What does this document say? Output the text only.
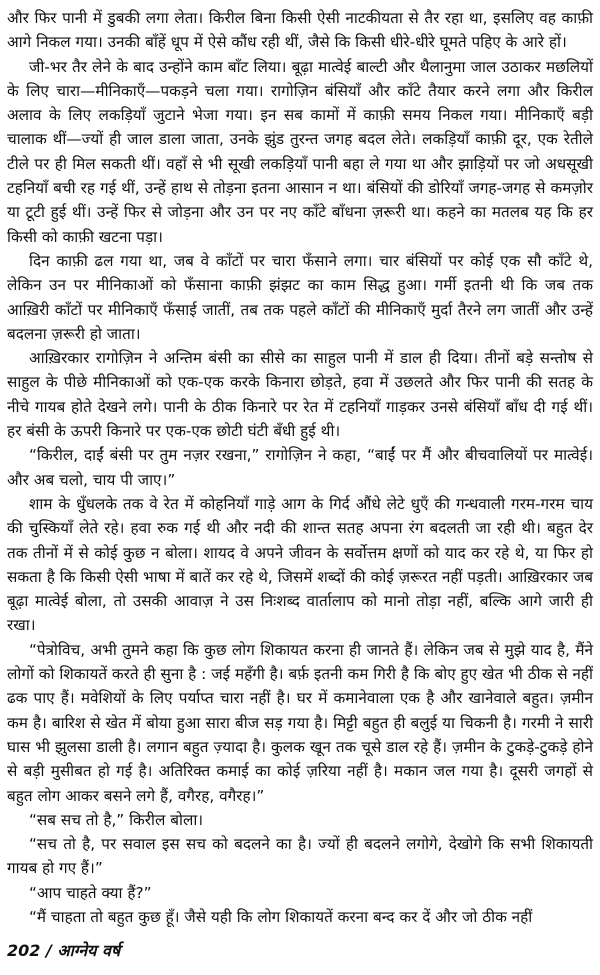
और फिर पानी में डुबकी लगा लेता। किरील बिना किसी ऐसी नाटकीयता से तैर रहा था, इसलिए वह काफ़ी आगे निकल गया। उनकी बाँहें धूप में ऐसे कौंध रही थीं, जैसे कि किसी धीरे-धीरे घूमते पहिए के आरे हों।

जी-भर तैर लेने के बाद उन्होंने काम बाँट लिया। बूढ़ा मात्वेई बाल्टी और थैलानुमा जाल उठाकर मछलियों के लिए चारा—मीनिकाएँ—पकड़ने चला गया। रागोज़िन बंसियाँ और काँटे तैयार करने लगा और किरील अलाव के लिए लकड़ियाँ जुटाने भेजा गया। इन सब कामों में काफ़ी समय निकल गया। मीनिकाएँ बड़ी चालाक थीं—ज्यों ही जाल डाला जाता, उनके झुंड तुरन्त जगह बदल लेते। लकड़ियाँ काफ़ी दूर, एक रेतीले टीले पर ही मिल सकती थीं। वहाँ से भी सूखी लकड़ियाँ पानी बहा ले गया था और झाड़ियों पर जो अधसूखी टहनियाँ बची रह गई थीं, उन्हें हाथ से तोड़ना इतना आसान न था। बंसियों की डोरियाँ जगह-जगह से कमज़ोर या टूटी हुई थीं। उन्हें फिर से जोड़ना और उन पर नए काँटे बाँधना ज़रूरी था। कहने का मतलब यह कि हर किसी को काफ़ी खटना पड़ा।

दिन काफ़ी ढल गया था, जब वे काँटों पर चारा फँसाने लगा। चार बंसियों पर कोई एक सौ काँटे थे, लेकिन उन पर मीनिकाओं को फँसाना काफ़ी झंझट का काम सिद्ध हुआ। गर्मी इतनी थी कि जब तक आख़िरी काँटों पर मीनिकाएँ फँसाई जातीं, तब तक पहले काँटों की मीनिकाएँ मुर्दा तैरने लग जातीं और उन्हें बदलना ज़रूरी हो जाता।

आख़िरकार रागोज़िन ने अन्तिम बंसी का सीसे का साहुल पानी में डाल ही दिया। तीनों बड़े सन्तोष से साहुल के पीछे मीनिकाओं को एक-एक करके किनारा छोड़ते, हवा में उछलते और फिर पानी की सतह के नीचे गायब होते देखने लगे। पानी के ठीक किनारे पर रेत में टहनियाँ गाड़कर उनसे बंसियाँ बाँध दी गई थीं। हर बंसी के ऊपरी किनारे पर एक-एक छोटी घंटी बँधी हुई थी।

“किरील, दाईं बंसी पर तुम नज़र रखना,” रागोज़िन ने कहा, “बाईं पर मैं और बीचवालियों पर मात्वेई। और अब चलो, चाय पी जाए।”

शाम के धुँधलके तक वे रेत में कोहनियाँ गाड़े आग के गिर्द औंधे लेटे धुएँ की गन्धवाली गरम-गरम चाय की चुस्कियाँ लेते रहे। हवा रुक गई थी और नदी की शान्त सतह अपना रंग बदलती जा रही थी। बहुत देर तक तीनों में से कोई कुछ न बोला। शायद वे अपने जीवन के सर्वोत्तम क्षणों को याद कर रहे थे, या फिर हो सकता है कि किसी ऐसी भाषा में बातें कर रहे थे, जिसमें शब्दों की कोई ज़रूरत नहीं पड़ती। आख़िरकार जब बूढ़ा मात्वेई बोला, तो उसकी आवाज़ ने उस निःशब्द वार्तालाप को मानो तोड़ा नहीं, बल्कि आगे जारी ही रखा।

“पेत्रोविच, अभी तुमने कहा कि कुछ लोग शिकायत करना ही जानते हैं। लेकिन जब से मुझे याद है, मैंने लोगों को शिकायतें करते ही सुना है : जई महँगी है। बर्फ़ इतनी कम गिरी है कि बोए हुए खेत भी ठीक से नहीं ढक पाए हैं। मवेशियों के लिए पर्याप्त चारा नहीं है। घर में कमानेवाला एक है और खानेवाले बहुत। ज़मीन कम है। बारिश से खेत में बोया हुआ सारा बीज सड़ गया है। मिट्टी बहुत ही बलुई या चिकनी है। गरमी ने सारी घास भी झुलसा डाली है। लगान बहुत ज़्यादा है। कुलक खून तक चूसे डाल रहे हैं। ज़मीन के टुकड़े-टुकड़े होने से बड़ी मुसीबत हो गई है। अतिरिक्त कमाई का कोई ज़रिया नहीं है। मकान जल गया है। दूसरी जगहों से बहुत लोग आकर बसने लगे हैं, वगैरह, वगैरह।”

“सब सच तो है,” किरील बोला।

“सच तो है, पर सवाल इस सच को बदलने का है। ज्यों ही बदलने लगोगे, देखोगे कि सभी शिकायती गायब हो गए हैं।”

“आप चाहते क्या हैं?”

“मैं चाहता तो बहुत कुछ हूँ। जैसे यही कि लोग शिकायतें करना बन्द कर दें और जो ठीक नहीं

202 / आग्नेय वर्ष
